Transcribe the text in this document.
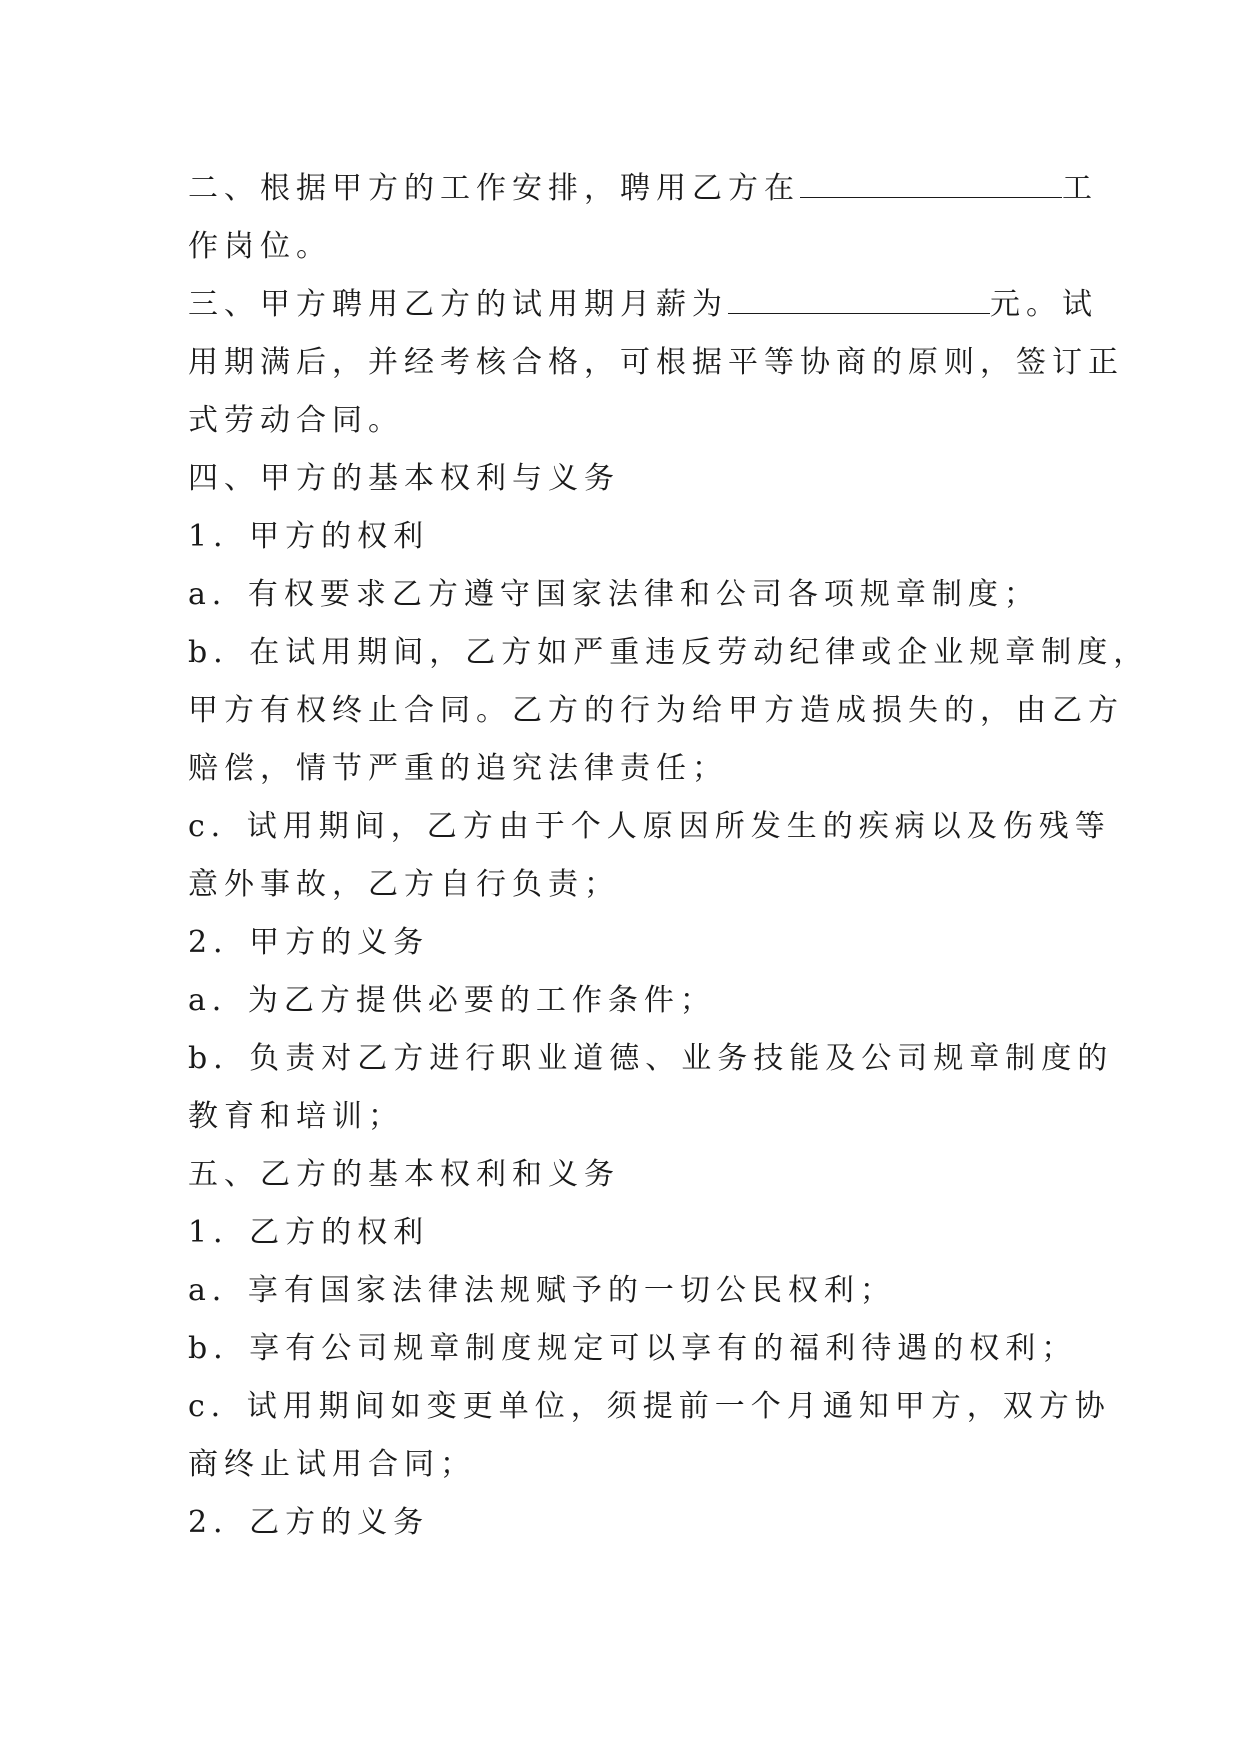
二、根据甲方的工作安排，聘用乙方在	工
作岗位。
三、甲方聘用乙方的试用期月薪为	元。试
用期满后，并经考核合格，可根据平等协商的原则，签订正
式劳动合同。
四、甲方的基本权利与义务
1．甲方的权利
a．有权要求乙方遵守国家法律和公司各项规章制度；
b．在试用期间，乙方如严重违反劳动纪律或企业规章制度，
甲方有权终止合同。乙方的行为给甲方造成损失的，由乙方
赔偿，情节严重的追究法律责任；
c．试用期间，乙方由于个人原因所发生的疾病以及伤残等
意外事故，乙方自行负责；
2．甲方的义务
a．为乙方提供必要的工作条件；
b．负责对乙方进行职业道德、业务技能及公司规章制度的
教育和培训；
五、乙方的基本权利和义务
1．乙方的权利
a．享有国家法律法规赋予的一切公民权利；
b．享有公司规章制度规定可以享有的福利待遇的权利；
c．试用期间如变更单位，须提前一个月通知甲方，双方协
商终止试用合同；
2．乙方的义务
